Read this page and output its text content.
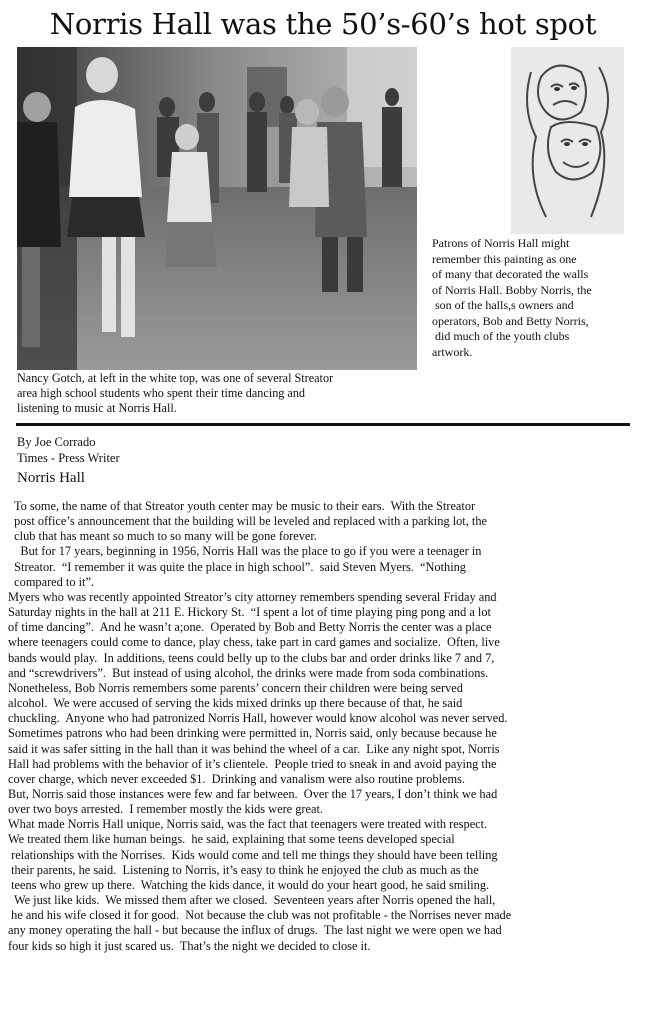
Norris Hall was the 50’s-60’s hot spot
Patrons of Norris Hall might
remember this painting as one
of many that decorated the walls
of Norris Hall. Bobby Norris, the
son of the halls,s owners and
operators, Bob and Betty Norris,
did much of the youth clubs
artwork.
Nancy Gotch, at left in the white top, was one of several Streator
area high school students who spent their time dancing and
listening to music at Norris Hall.
By Joe Corrado
Times - Press Writer
Norris Hall
To some, the name of that Streator youth center may be music to their ears.  With the Streator
post office’s announcement that the building will be leveled and replaced with a parking lot, the
club that has meant so much to so many will be gone forever.
But for 17 years, beginning in 1956, Norris Hall was the place to go if you were a teenager in
Streator.  “I remember it was quite the place in high school”.  said Steven Myers.  “Nothing
compared to it”.
Myers who was recently appointed Streator’s city attorney remembers spending several Friday and
Saturday nights in the hall at 211 E. Hickory St.  “I spent a lot of time playing ping pong and a lot
of time dancing”.  And he wasn’t a;one.  Operated by Bob and Betty Norris the center was a place
where teenagers could come to dance, play chess, take part in card games and socialize.  Often, live
bands would play.  In additions, teens could belly up to the clubs bar and order drinks like 7 and 7,
and “screwdrivers”.  But instead of using alcohol, the drinks were made from soda combinations.
Nonetheless, Bob Norris remembers some parents’ concern their children were being served
alcohol.  We were accused of serving the kids mixed drinks up there because of that, he said
chuckling.  Anyone who had patronized Norris Hall, however would know alcohol was never served.
Sometimes patrons who had been drinking were permitted in, Norris said, only because because he
said it was safer sitting in the hall than it was behind the wheel of a car.  Like any night spot, Norris
Hall had problems with the behavior of it’s clientele.  People tried to sneak in and avoid paying the
cover charge, which never exceeded $1.  Drinking and vanalism were also routine problems.
But, Norris said those instances were few and far between.  Over the 17 years, I don’t think we had
over two boys arrested.  I remember mostly the kids were great.
What made Norris Hall unique, Norris said, was the fact that teenagers were treated with respect.
We treated them like human beings.  he said, explaining that some teens developed special
relationships with the Norrises.  Kids would come and tell me things they should have been telling
their parents, he said.  Listening to Norris, it’s easy to think he enjoyed the club as much as the
teens who grew up there.  Watching the kids dance, it would do your heart good, he said smiling.
We just like kids.  We missed them after we closed.  Seventeen years after Norris opened the hall,
he and his wife closed it for good.  Not because the club was not profitable - the Norrises never made
any money operating the hall - but because the influx of drugs.  The last night we were open we had
four kids so high it just scared us.  That’s the night we decided to close it.
